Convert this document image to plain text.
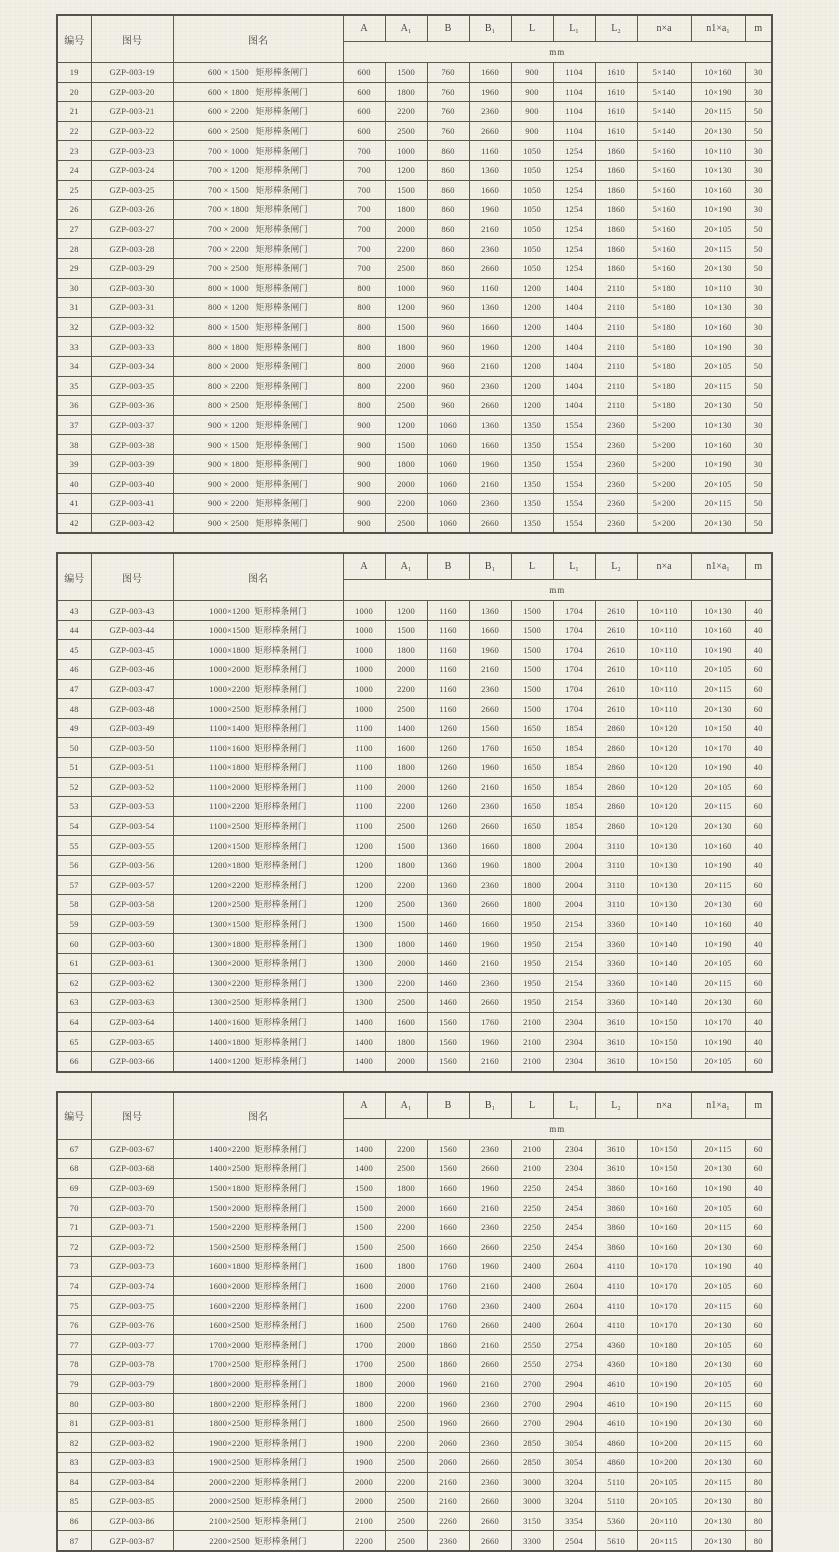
编号	图号	图名	A	A₁	B	B₁	L	L₁	L₂	n×a	n1×a₁	m
			mm									
19	GZP-003-19	600 × 1500   矩形棒条闸门	600	1500	760	1660	900	1104	1610	5×140	10×160	30
20	GZP-003-20	600 × 1800   矩形棒条闸门	600	1800	760	1960	900	1104	1610	5×140	10×190	30
21	GZP-003-21	600 × 2200   矩形棒条闸门	600	2200	760	2360	900	1104	1610	5×140	20×115	50
22	GZP-003-22	600 × 2500   矩形棒条闸门	600	2500	760	2660	900	1104	1610	5×140	20×130	50
23	GZP-003-23	700 × 1000   矩形棒条闸门	700	1000	860	1160	1050	1254	1860	5×160	10×110	30
24	GZP-003-24	700 × 1200   矩形棒条闸门	700	1200	860	1360	1050	1254	1860	5×160	10×130	30
25	GZP-003-25	700 × 1500   矩形棒条闸门	700	1500	860	1660	1050	1254	1860	5×160	10×160	30
26	GZP-003-26	700 × 1800   矩形棒条闸门	700	1800	860	1960	1050	1254	1860	5×160	10×190	30
27	GZP-003-27	700 × 2000   矩形棒条闸门	700	2000	860	2160	1050	1254	1860	5×160	20×105	50
28	GZP-003-28	700 × 2200   矩形棒条闸门	700	2200	860	2360	1050	1254	1860	5×160	20×115	50
29	GZP-003-29	700 × 2500   矩形棒条闸门	700	2500	860	2660	1050	1254	1860	5×160	20×130	50
30	GZP-003-30	800 × 1000   矩形棒条闸门	800	1000	960	1160	1200	1404	2110	5×180	10×110	30
31	GZP-003-31	800 × 1200   矩形棒条闸门	800	1200	960	1360	1200	1404	2110	5×180	10×130	30
32	GZP-003-32	800 × 1500   矩形棒条闸门	800	1500	960	1660	1200	1404	2110	5×180	10×160	30
33	GZP-003-33	800 × 1800   矩形棒条闸门	800	1800	960	1960	1200	1404	2110	5×180	10×190	30
34	GZP-003-34	800 × 2000   矩形棒条闸门	800	2000	960	2160	1200	1404	2110	5×180	20×105	50
35	GZP-003-35	800 × 2200   矩形棒条闸门	800	2200	960	2360	1200	1404	2110	5×180	20×115	50
36	GZP-003-36	800 × 2500   矩形棒条闸门	800	2500	960	2660	1200	1404	2110	5×180	20×130	50
37	GZP-003-37	900 × 1200   矩形棒条闸门	900	1200	1060	1360	1350	1554	2360	5×200	10×130	30
38	GZP-003-38	900 × 1500   矩形棒条闸门	900	1500	1060	1660	1350	1554	2360	5×200	10×160	30
39	GZP-003-39	900 × 1800   矩形棒条闸门	900	1800	1060	1960	1350	1554	2360	5×200	10×190	30
40	GZP-003-40	900 × 2000   矩形棒条闸门	900	2000	1060	2160	1350	1554	2360	5×200	20×105	50
41	GZP-003-41	900 × 2200   矩形棒条闸门	900	2200	1060	2360	1350	1554	2360	5×200	20×115	50
42	GZP-003-42	900 × 2500   矩形棒条闸门	900	2500	1060	2660	1350	1554	2360	5×200	20×130	50
编号	图号	图名	A	A₁	B	B₁	L	L₁	L₂	n×a	n1×a₁	m
			mm									
43	GZP-003-43	1000×1200  矩形棒条闸门	1000	1200	1160	1360	1500	1704	2610	10×110	10×130	40
44	GZP-003-44	1000×1500  矩形棒条闸门	1000	1500	1160	1660	1500	1704	2610	10×110	10×160	40
45	GZP-003-45	1000×1800  矩形棒条闸门	1000	1800	1160	1960	1500	1704	2610	10×110	10×190	40
46	GZP-003-46	1000×2000  矩形棒条闸门	1000	2000	1160	2160	1500	1704	2610	10×110	20×105	60
47	GZP-003-47	1000×2200  矩形棒条闸门	1000	2200	1160	2360	1500	1704	2610	10×110	20×115	60
48	GZP-003-48	1000×2500  矩形棒条闸门	1000	2500	1160	2660	1500	1704	2610	10×110	20×130	60
49	GZP-003-49	1100×1400  矩形棒条闸门	1100	1400	1260	1560	1650	1854	2860	10×120	10×150	40
50	GZP-003-50	1100×1600  矩形棒条闸门	1100	1600	1260	1760	1650	1854	2860	10×120	10×170	40
51	GZP-003-51	1100×1800  矩形棒条闸门	1100	1800	1260	1960	1650	1854	2860	10×120	10×190	40
52	GZP-003-52	1100×2000  矩形棒条闸门	1100	2000	1260	2160	1650	1854	2860	10×120	20×105	60
53	GZP-003-53	1100×2200  矩形棒条闸门	1100	2200	1260	2360	1650	1854	2860	10×120	20×115	60
54	GZP-003-54	1100×2500  矩形棒条闸门	1100	2500	1260	2660	1650	1854	2860	10×120	20×130	60
55	GZP-003-55	1200×1500  矩形棒条闸门	1200	1500	1360	1660	1800	2004	3110	10×130	10×160	40
56	GZP-003-56	1200×1800  矩形棒条闸门	1200	1800	1360	1960	1800	2004	3110	10×130	10×190	40
57	GZP-003-57	1200×2200  矩形棒条闸门	1200	2200	1360	2360	1800	2004	3110	10×130	20×115	60
58	GZP-003-58	1200×2500  矩形棒条闸门	1200	2500	1360	2660	1800	2004	3110	10×130	20×130	60
59	GZP-003-59	1300×1500  矩形棒条闸门	1300	1500	1460	1660	1950	2154	3360	10×140	10×160	40
60	GZP-003-60	1300×1800  矩形棒条闸门	1300	1800	1460	1960	1950	2154	3360	10×140	10×190	40
61	GZP-003-61	1300×2000  矩形棒条闸门	1300	2000	1460	2160	1950	2154	3360	10×140	20×105	60
62	GZP-003-62	1300×2200  矩形棒条闸门	1300	2200	1460	2360	1950	2154	3360	10×140	20×115	60
63	GZP-003-63	1300×2500  矩形棒条闸门	1300	2500	1460	2660	1950	2154	3360	10×140	20×130	60
64	GZP-003-64	1400×1600  矩形棒条闸门	1400	1600	1560	1760	2100	2304	3610	10×150	10×170	40
65	GZP-003-65	1400×1800  矩形棒条闸门	1400	1800	1560	1960	2100	2304	3610	10×150	10×190	40
66	GZP-003-66	1400×1200  矩形棒条闸门	1400	2000	1560	2160	2100	2304	3610	10×150	20×105	60
编号	图号	图名	A	A₁	B	B₁	L	L₁	L₂	n×a	n1×a₁	m
			mm									
67	GZP-003-67	1400×2200  矩形棒条闸门	1400	2200	1560	2360	2100	2304	3610	10×150	20×115	60
68	GZP-003-68	1400×2500  矩形棒条闸门	1400	2500	1560	2660	2100	2304	3610	10×150	20×130	60
69	GZP-003-69	1500×1800  矩形棒条闸门	1500	1800	1660	1960	2250	2454	3860	10×160	10×190	40
70	GZP-003-70	1500×2000  矩形棒条闸门	1500	2000	1660	2160	2250	2454	3860	10×160	20×105	60
71	GZP-003-71	1500×2200  矩形棒条闸门	1500	2200	1660	2360	2250	2454	3860	10×160	20×115	60
72	GZP-003-72	1500×2500  矩形棒条闸门	1500	2500	1660	2660	2250	2454	3860	10×160	20×130	60
73	GZP-003-73	1600×1800  矩形棒条闸门	1600	1800	1760	1960	2400	2604	4110	10×170	10×190	40
74	GZP-003-74	1600×2000  矩形棒条闸门	1600	2000	1760	2160	2400	2604	4110	10×170	20×105	60
75	GZP-003-75	1600×2200  矩形棒条闸门	1600	2200	1760	2360	2400	2604	4110	10×170	20×115	60
76	GZP-003-76	1600×2500  矩形棒条闸门	1600	2500	1760	2660	2400	2604	4110	10×170	20×130	60
77	GZP-003-77	1700×2000  矩形棒条闸门	1700	2000	1860	2160	2550	2754	4360	10×180	20×105	60
78	GZP-003-78	1700×2500  矩形棒条闸门	1700	2500	1860	2660	2550	2754	4360	10×180	20×130	60
79	GZP-003-79	1800×2000  矩形棒条闸门	1800	2000	1960	2160	2700	2904	4610	10×190	20×105	60
80	GZP-003-80	1800×2200  矩形棒条闸门	1800	2200	1960	2360	2700	2904	4610	10×190	20×115	60
81	GZP-003-81	1800×2500  矩形棒条闸门	1800	2500	1960	2660	2700	2904	4610	10×190	20×130	60
82	GZP-003-82	1900×2200  矩形棒条闸门	1900	2200	2060	2360	2850	3054	4860	10×200	20×115	60
83	GZP-003-83	1900×2500  矩形棒条闸门	1900	2500	2060	2660	2850	3054	4860	10×200	20×130	60
84	GZP-003-84	2000×2200  矩形棒条闸门	2000	2200	2160	2360	3000	3204	5110	20×105	20×115	80
85	GZP-003-85	2000×2500  矩形棒条闸门	2000	2500	2160	2660	3000	3204	5110	20×105	20×130	80
86	GZP-003-86	2100×2500  矩形棒条闸门	2100	2500	2260	2660	3150	3354	5360	20×110	20×130	80
87	GZP-003-87	2200×2500  矩形棒条闸门	2200	2500	2360	2660	3300	2504	5610	20×115	20×130	80
